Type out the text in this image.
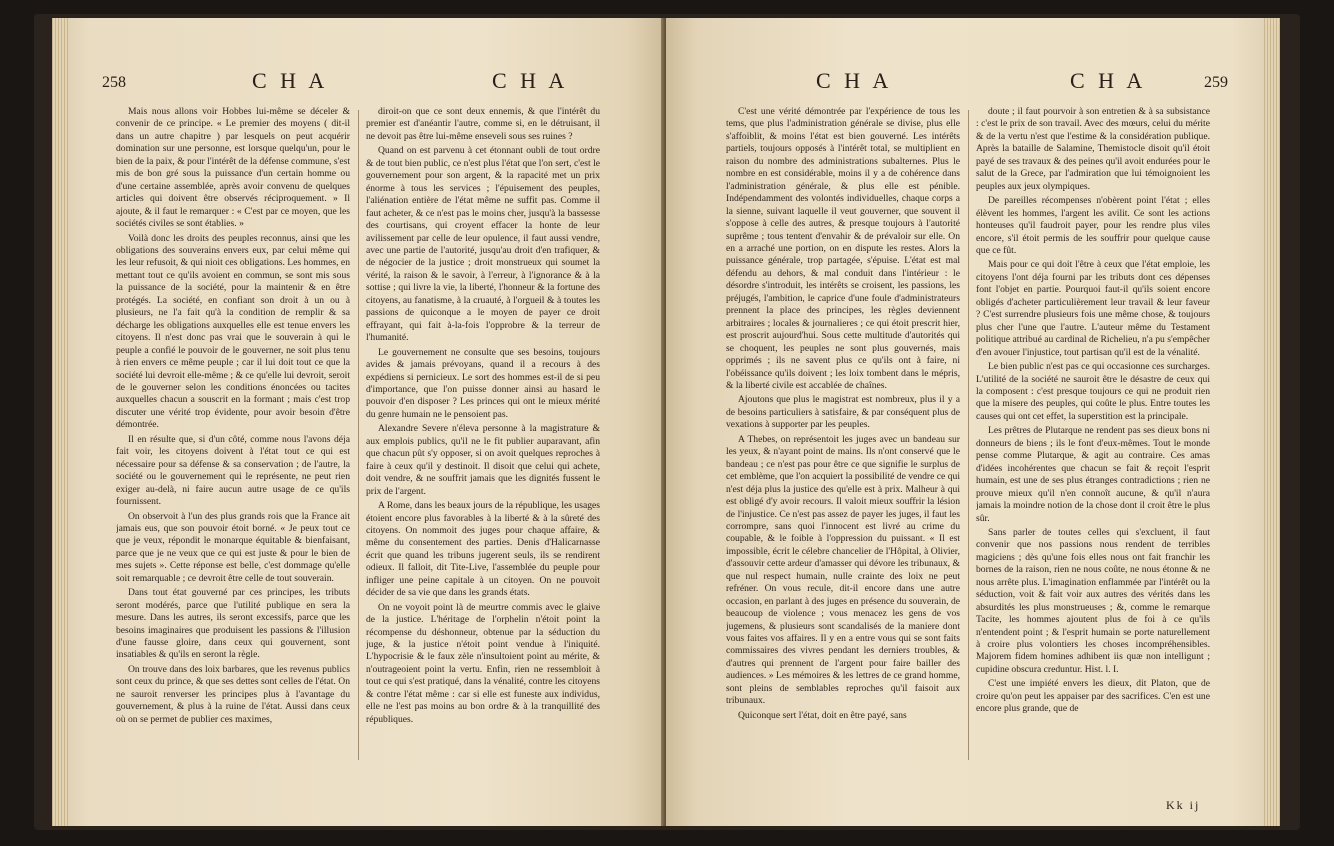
258	C H A	C H A

Mais nous allons voir Hobbes lui-même se déceler & convenir de ce principe. « Le premier des moyens ( dit-il dans un autre chapitre ) par lesquels on peut acquérir domination sur une personne, est lorsque quelqu'un, pour le bien de la paix, & pour l'intérêt de la défense commune, s'est mis de bon gré sous la puissance d'un certain homme ou d'une certaine assemblée, après avoir convenu de quelques articles qui doivent être observés réciproquement. » Il ajoute, & il faut le remarquer : « C'est par ce moyen, que les sociétés civiles se sont établies. »

Voilà donc les droits des peuples reconnus, ainsi que les obligations des souverains envers eux, par celui même qui les leur refusoit, & qui nioit ces obligations. Les hommes, en mettant tout ce qu'ils avoient en commun, se sont mis sous la puissance de la société, pour la maintenir & en être protégés. La société, en confiant son droit à un ou à plusieurs, ne l'a fait qu'à la condition de remplir & sa décharge les obligations auxquelles elle est tenue envers les citoyens. Il n'est donc pas vrai que le souverain à qui le peuple a confié le pouvoir de le gouverner, ne soit plus tenu à rien envers ce même peuple ; car il lui doit tout ce que la société lui devroit elle-même ; & ce qu'elle lui devroit, seroit de le gouverner selon les conditions énoncées ou tacites auxquelles chacun a souscrit en la formant ; mais c'est trop discuter une vérité trop évidente, pour avoir besoin d'être démontrée.

Il en résulte que, si d'un côté, comme nous l'avons déja fait voir, les citoyens doivent à l'état tout ce qui est nécessaire pour sa défense & sa conservation ; de l'autre, la société ou le gouvernement qui le représente, ne peut rien exiger au-delà, ni faire aucun autre usage de ce qu'ils fournissent.

On observoit à l'un des plus grands rois que la France ait jamais eus, que son pouvoir étoit borné. « Je peux tout ce que je veux, répondit le monarque équitable & bienfaisant, parce que je ne veux que ce qui est juste & pour le bien de mes sujets ». Cette réponse est belle, c'est dommage qu'elle soit remarquable ; ce devroit être celle de tout souverain.

Dans tout état gouverné par ces principes, les tributs seront modérés, parce que l'utilité publique en sera la mesure. Dans les autres, ils seront excessifs, parce que les besoins imaginaires que produisent les passions & l'illusion d'une fausse gloire, dans ceux qui gouvernent, sont insatiables & qu'ils en seront la règle.

On trouve dans des loix barbares, que les revenus publics sont ceux du prince, & que ses dettes sont celles de l'état. On ne sauroit renverser les principes plus à l'avantage du gouvernement, & plus à la ruine de l'état. Aussi dans ceux où on se permet de publier ces maximes,

diroit-on que ce sont deux ennemis, & que l'intérêt du premier est d'anéantir l'autre, comme si, en le détruisant, il ne devoit pas être lui-même enseveli sous ses ruines ?

Quand on est parvenu à cet étonnant oubli de tout ordre & de tout bien public, ce n'est plus l'état que l'on sert, c'est le gouvernement pour son argent, & la rapacité met un prix énorme à tous les services ; l'épuisement des peuples, l'aliénation entière de l'état même ne suffit pas. Comme il faut acheter, & ce n'est pas le moins cher, jusqu'à la bassesse des courtisans, qui croyent effacer la honte de leur avilissement par celle de leur opulence, il faut aussi vendre, avec une partie de l'autorité, jusqu'au droit d'en trafiquer, & de négocier de la justice ; droit monstrueux qui soumet la vérité, la raison & le savoir, à l'erreur, à l'ignorance & à la sottise ; qui livre la vie, la liberté, l'honneur & la fortune des citoyens, au fanatisme, à la cruauté, à l'orgueil & à toutes les passions de quiconque a le moyen de payer ce droit effrayant, qui fait à-la-fois l'opprobre & la terreur de l'humanité.

Le gouvernement ne consulte que ses besoins, toujours avides & jamais prévoyans, quand il a recours à des expédiens si pernicieux. Le sort des hommes est-il de si peu d'importance, que l'on puisse donner ainsi au hasard le pouvoir d'en disposer ? Les princes qui ont le mieux mérité du genre humain ne le pensoient pas.

Alexandre Severe n'éleva personne à la magistrature & aux emplois publics, qu'il ne le fit publier auparavant, afin que chacun pût s'y opposer, si on avoit quelques reproches à faire à ceux qu'il y destinoit. Il disoit que celui qui achete, doit vendre, & ne souffrit jamais que les dignités fussent le prix de l'argent.

A Rome, dans les beaux jours de la république, les usages étoient encore plus favorables à la liberté & à la sûreté des citoyens. On nommoit des juges pour chaque affaire, & même du consentement des parties. Denis d'Halicarnasse écrit que quand les tribuns jugerent seuls, ils se rendirent odieux. Il falloit, dit Tite-Live, l'assemblée du peuple pour infliger une peine capitale à un citoyen. On ne pouvoit décider de sa vie que dans les grands états.

On ne voyoit point là de meurtre commis avec le glaive de la justice. L'héritage de l'orphelin n'étoit point la récompense du déshonneur, obtenue par la séduction du juge, & la justice n'étoit point vendue à l'iniquité. L'hypocrisie & le faux zèle n'insultoient point au mérite, & n'outrageoient point la vertu. Enfin, rien ne ressembloit à tout ce qui s'est pratiqué, dans la vénalité, contre les citoyens & contre l'état même : car si elle est funeste aux individus, elle ne l'est pas moins au bon ordre & à la tranquillité des républiques.

C H A	C H A	259

C'est une vérité démontrée par l'expérience de tous les tems, que plus l'administration générale se divise, plus elle s'affoiblit, & moins l'état est bien gouverné. Les intérêts partiels, toujours opposés à l'intérêt total, se multiplient en raison du nombre des administrations subalternes. Plus le nombre en est considérable, moins il y a de cohérence dans l'administration générale, & plus elle est pénible. Indépendamment des volontés individuelles, chaque corps a la sienne, suivant laquelle il veut gouverner, que souvent il s'oppose à celle des autres, & presque toujours à l'autorité suprême ; tous tentent d'envahir & de prévaloir sur elle. On en a arraché une portion, on en dispute les restes. Alors la puissance générale, trop partagée, s'épuise. L'état est mal défendu au dehors, & mal conduit dans l'intérieur : le désordre s'introduit, les intérêts se croisent, les passions, les préjugés, l'ambition, le caprice d'une foule d'administrateurs prennent la place des principes, les règles deviennent arbitraires ; locales & journalieres ; ce qui étoit prescrit hier, est proscrit aujourd'hui. Sous cette multitude d'autorités qui se choquent, les peuples ne sont plus gouvernés, mais opprimés ; ils ne savent plus ce qu'ils ont à faire, ni l'obéissance qu'ils doivent ; les loix tombent dans le mépris, & la liberté civile est accablée de chaînes.

Ajoutons que plus le magistrat est nombreux, plus il y a de besoins particuliers à satisfaire, & par conséquent plus de vexations à supporter par les peuples.

A Thebes, on représentoit les juges avec un bandeau sur les yeux, & n'ayant point de mains. Ils n'ont conservé que le bandeau ; ce n'est pas pour être ce que signifie le surplus de cet emblème, que l'on acquiert la possibilité de vendre ce qui n'est déja plus la justice des qu'elle est à prix. Malheur à qui est obligé d'y avoir recours. Il valoit mieux souffrir la lésion de l'injustice. Ce n'est pas assez de payer les juges, il faut les corrompre, sans quoi l'innocent est livré au crime du coupable, & le foible à l'oppression du puissant. « Il est impossible, écrit le célebre chancelier de l'Hôpital, à Olivier, d'assouvir cette ardeur d'amasser qui dévore les tribunaux, & que nul respect humain, nulle crainte des loix ne peut refréner. On vous recule, dit-il encore dans une autre occasion, en parlant à des juges en présence du souverain, de beaucoup de violence ; vous menacez les gens de vos jugemens, & plusieurs sont scandalisés de la maniere dont vous faites vos affaires. Il y en a entre vous qui se sont faits commissaires des vivres pendant les derniers troubles, & d'autres qui prennent de l'argent pour faire bailler des audiences. » Les mémoires & les lettres de ce grand homme, sont pleins de semblables reproches qu'il faisoit aux tribunaux.

Quiconque sert l'état, doit en être payé, sans

doute ; il faut pourvoir à son entretien & à sa subsistance : c'est le prix de son travail. Avec des mœurs, celui du mérite & de la vertu n'est que l'estime & la considération publique. Après la bataille de Salamine, Themistocle disoit qu'il étoit payé de ses travaux & des peines qu'il avoit endurées pour le salut de la Grece, par l'admiration que lui témoignoient les peuples aux jeux olympiques.

De pareilles récompenses n'obèrent point l'état ; elles élèvent les hommes, l'argent les avilit. Ce sont les actions honteuses qu'il faudroit payer, pour les rendre plus viles encore, s'il étoit permis de les souffrir pour quelque cause que ce fût.

Mais pour ce qui doit l'être à ceux que l'état emploie, les citoyens l'ont déja fourni par les tributs dont ces dépenses font l'objet en partie. Pourquoi faut-il qu'ils soient encore obligés d'acheter particulièrement leur travail & leur faveur ? C'est surrendre plusieurs fois une même chose, & toujours plus cher l'une que l'autre. L'auteur même du Testament politique attribué au cardinal de Richelieu, n'a pu s'empêcher d'en avouer l'injustice, tout partisan qu'il est de la vénalité.

Le bien public n'est pas ce qui occasionne ces surcharges. L'utilité de la société ne sauroit être le désastre de ceux qui la composent : c'est presque toujours ce qui ne produit rien que la misere des peuples, qui coûte le plus. Entre toutes les causes qui ont cet effet, la superstition est la principale.

Les prêtres de Plutarque ne rendent pas ses dieux bons ni donneurs de biens ; ils le font d'eux-mêmes. Tout le monde pense comme Plutarque, & agit au contraire. Ces amas d'idées incohérentes que chacun se fait & reçoit l'esprit humain, est une de ses plus étranges contradictions ; rien ne prouve mieux qu'il n'en connoît aucune, & qu'il n'aura jamais la moindre notion de la chose dont il croit être le plus sûr.

Sans parler de toutes celles qui s'excluent, il faut convenir que nos passions nous rendent de terribles magiciens ; dès qu'une fois elles nous ont fait franchir les bornes de la raison, rien ne nous coûte, ne nous étonne & ne nous arrête plus. L'imagination enflammée par l'intérêt ou la séduction, voit & fait voir aux autres des vérités dans les absurdités les plus monstrueuses ; &, comme le remarque Tacite, les hommes ajoutent plus de foi à ce qu'ils n'entendent point ; & l'esprit humain se porte naturellement à croire plus volontiers les choses incompréhensibles. Majorem fidem homines adhibent iis quæ non intelligunt ; cupidine obscura creduntur. Hist. l. I.

C'est une impiété envers les dieux, dit Platon, que de croire qu'on peut les appaiser par des sacrifices. C'en est une encore plus grande, que de

Kk ij
